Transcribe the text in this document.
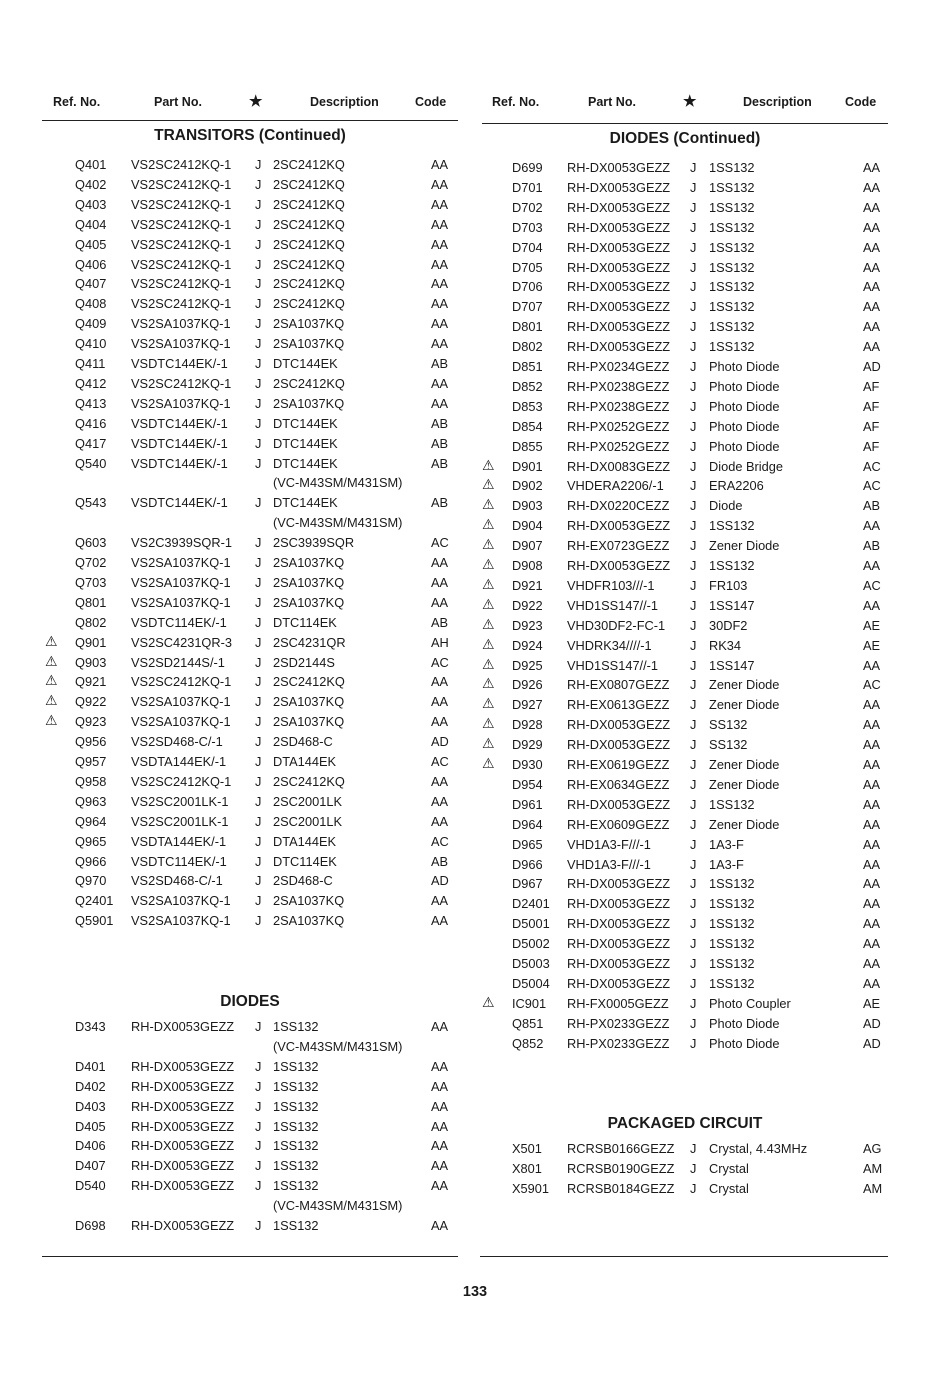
Ref. No.	Part No.	★	Description	Code	Ref. No.	Part No.	★	Description	Code
TRANSITORS (Continued)	DIODES (Continued)
DIODES
PACKAGED CIRCUIT
Q401 VS2SC2412KQ-1 J 2SC2412KQ	AA
Q402 VS2SC2412KQ-1 J 2SC2412KQ	AA
Q403 VS2SC2412KQ-1 J 2SC2412KQ	AA
Q404 VS2SC2412KQ-1 J 2SC2412KQ	AA
Q405 VS2SC2412KQ-1 J 2SC2412KQ	AA
Q406 VS2SC2412KQ-1 J 2SC2412KQ	AA
Q407 VS2SC2412KQ-1 J 2SC2412KQ	AA
Q408 VS2SC2412KQ-1 J 2SC2412KQ	AA
Q409 VS2SA1037KQ-1 J 2SA1037KQ	AA
Q410 VS2SA1037KQ-1 J 2SA1037KQ	AA
Q411 VSDTC144EK/-1 J DTC144EK	AB
Q412 VS2SC2412KQ-1 J 2SC2412KQ	AA
Q413 VS2SA1037KQ-1 J 2SA1037KQ	AA
Q416 VSDTC144EK/-1 J DTC144EK	AB
Q417 VSDTC144EK/-1 J DTC144EK	AB
Q540 VSDTC144EK/-1 J DTC144EK	AB
(VC-M43SM/M431SM)
Q543 VSDTC144EK/-1 J DTC144EK	AB
(VC-M43SM/M431SM)
Q603 VS2C3939SQR-1 J 2SC3939SQR	AC
Q702 VS2SA1037KQ-1 J 2SA1037KQ	AA
Q703 VS2SA1037KQ-1 J 2SA1037KQ	AA
Q801 VS2SA1037KQ-1 J 2SA1037KQ	AA
Q802 VSDTC114EK/-1 J DTC114EK	AB
⚠ Q901 VS2SC4231QR-3 J 2SC4231QR	AH
⚠ Q903 VS2SD2144S/-1 J 2SD2144S	AC
⚠ Q921 VS2SC2412KQ-1 J 2SC2412KQ	AA
⚠ Q922 VS2SA1037KQ-1 J 2SA1037KQ	AA
⚠ Q923 VS2SA1037KQ-1 J 2SA1037KQ	AA
Q956 VS2SD468-C/-1	J 2SD468-C	AD
Q957 VSDTA144EK/-1 J DTA144EK	AC
Q958 VS2SC2412KQ-1 J 2SC2412KQ	AA
Q963 VS2SC2001LK-1 J 2SC2001LK	AA
Q964 VS2SC2001LK-1 J 2SC2001LK	AA
Q965 VSDTA144EK/-1 J DTA144EK	AC
Q966 VSDTC114EK/-1 J DTC114EK	AB
Q970 VS2SD468-C/-1	J 2SD468-C	AD
Q2401 VS2SA1037KQ-1 J 2SA1037KQ	AA
Q5901 VS2SA1037KQ-1 J 2SA1037KQ	AA
D343 RH-DX0053GEZZ J 1SS132	AA
(VC-M43SM/M431SM)
D401 RH-DX0053GEZZ J 1SS132	AA
D402 RH-DX0053GEZZ J 1SS132	AA
D403 RH-DX0053GEZZ J 1SS132	AA
D405 RH-DX0053GEZZ J 1SS132	AA
D406 RH-DX0053GEZZ J 1SS132	AA
D407 RH-DX0053GEZZ J 1SS132	AA
D540 RH-DX0053GEZZ J 1SS132	AA
(VC-M43SM/M431SM)
D698 RH-DX0053GEZZ J 1SS132	AA
D699 RH-DX0053GEZZ J 1SS132	AA
D701 RH-DX0053GEZZ J 1SS132	AA
D702 RH-DX0053GEZZ J 1SS132	AA
D703 RH-DX0053GEZZ J 1SS132	AA
D704 RH-DX0053GEZZ J 1SS132	AA
D705 RH-DX0053GEZZ J 1SS132	AA
D706 RH-DX0053GEZZ J 1SS132	AA
D707 RH-DX0053GEZZ J 1SS132	AA
D801 RH-DX0053GEZZ J 1SS132	AA
D802 RH-DX0053GEZZ J 1SS132	AA
D851 RH-PX0234GEZZ J Photo Diode	AD
D852 RH-PX0238GEZZ J Photo Diode	AF
D853 RH-PX0238GEZZ J Photo Diode	AF
D854 RH-PX0252GEZZ J Photo Diode	AF
D855 RH-PX0252GEZZ J Photo Diode	AF
⚠ D901 RH-DX0083GEZZ J Diode Bridge	AC
⚠ D902 VHDERA2206/-1 J ERA2206	AC
⚠ D903 RH-DX0220CEZZ J Diode	AB
⚠ D904 RH-DX0053GEZZ J 1SS132	AA
⚠ D907 RH-EX0723GEZZ J Zener Diode	AB
⚠ D908 RH-DX0053GEZZ J 1SS132	AA
⚠ D921 VHDFR103///-1	J FR103	AC
⚠ D922 VHD1SS147//-1 J 1SS147	AA
⚠ D923 VHD30DF2-FC-1 J 30DF2	AE
⚠ D924 VHDRK34////-1	J RK34	AE
⚠ D925 VHD1SS147//-1 J 1SS147	AA
⚠ D926 RH-EX0807GEZZ J Zener Diode	AC
⚠ D927 RH-EX0613GEZZ J Zener Diode	AA
⚠ D928 RH-DX0053GEZZ J SS132	AA
⚠ D929 RH-DX0053GEZZ J SS132	AA
⚠ D930 RH-EX0619GEZZ J Zener Diode	AA
D954 RH-EX0634GEZZ J Zener Diode	AA
D961 RH-DX0053GEZZ J 1SS132	AA
D964 RH-EX0609GEZZ J Zener Diode	AA
D965 VHD1A3-F///-1	J 1A3-F	AA
D966 VHD1A3-F///-1	J 1A3-F	AA
D967 RH-DX0053GEZZ J 1SS132	AA
D2401 RH-DX0053GEZZ J 1SS132	AA
D5001 RH-DX0053GEZZ J 1SS132	AA
D5002 RH-DX0053GEZZ J 1SS132	AA
D5003 RH-DX0053GEZZ J 1SS132	AA
D5004 RH-DX0053GEZZ J 1SS132	AA
⚠ IC901 RH-FX0005GEZZ J Photo Coupler	AE
Q851 RH-PX0233GEZZ J Photo Diode	AD
Q852 RH-PX0233GEZZ J Photo Diode	AD
X501 RCRSB0166GEZZ J Crystal, 4.43MHz	AG
X801 RCRSB0190GEZZ J Crystal	AM
X5901 RCRSB0184GEZZ J Crystal	AM
133
